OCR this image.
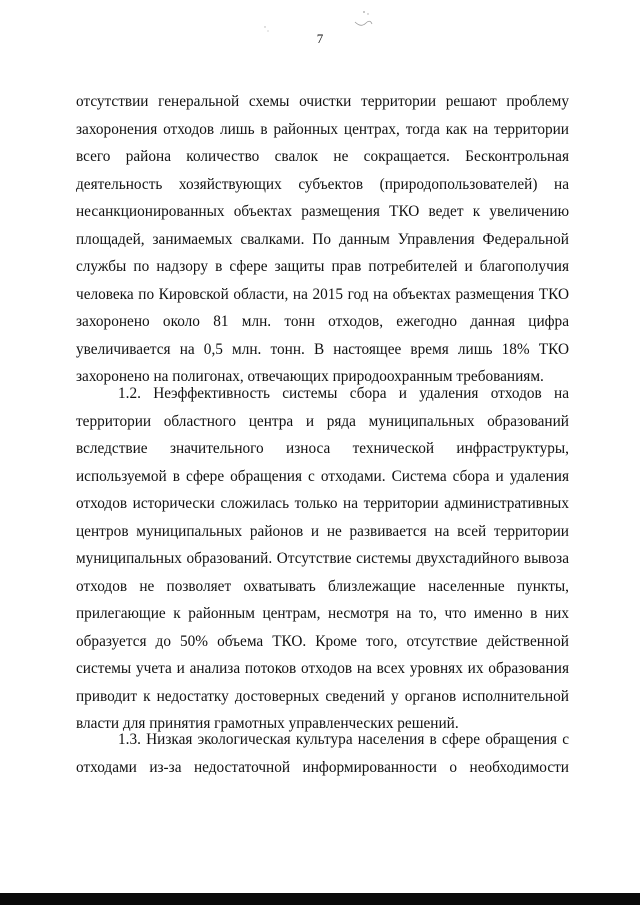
7
отсутствии генеральной схемы очистки территории решают проблему
захоронения отходов лишь в районных центрах, тогда как на территории
всего района количество свалок не сокращается. Бесконтрольная
деятельность хозяйствующих субъектов (природопользователей) на
несанкционированных объектах размещения ТКО ведет к увеличению
площадей, занимаемых свалками. По данным Управления Федеральной
службы по надзору в сфере защиты прав потребителей и благополучия
человека по Кировской области, на 2015 год на объектах размещения ТКО
захоронено около 81 млн. тонн отходов, ежегодно данная цифра
увеличивается на 0,5 млн. тонн. В настоящее время лишь 18% ТКО
захоронено на полигонах, отвечающих природоохранным требованиям.
1.2. Неэффективность системы сбора и удаления отходов на
территории областного центра и ряда муниципальных образований
вследствие значительного износа технической инфраструктуры,
используемой в сфере обращения с отходами. Система сбора и удаления
отходов исторически сложилась только на территории административных
центров муниципальных районов и не развивается на всей территории
муниципальных образований. Отсутствие системы двухстадийного вывоза
отходов не позволяет охватывать близлежащие населенные пункты,
прилегающие к районным центрам, несмотря на то, что именно в них
образуется до 50% объема ТКО. Кроме того, отсутствие действенной
системы учета и анализа потоков отходов на всех уровнях их образования
приводит к недостатку достоверных сведений у органов исполнительной
власти для принятия грамотных управленческих решений.
1.3. Низкая экологическая культура населения в сфере обращения с
отходами из-за недостаточной информированности о необходимости
